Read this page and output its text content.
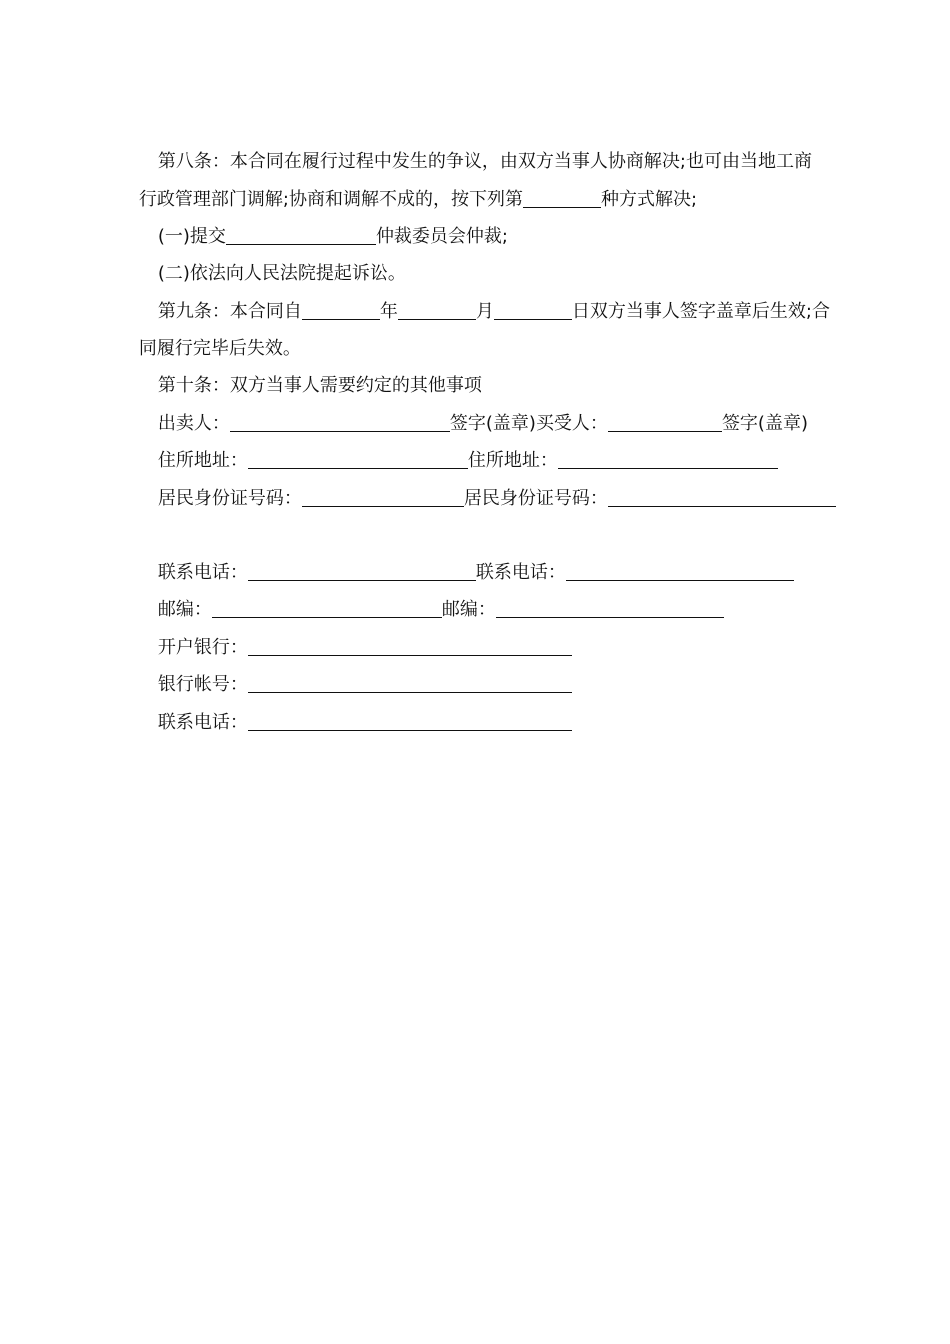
第八条：本合同在履行过程中发生的争议，由双方当事人协商解决;也可由当地工商

行政管理部门调解;协商和调解不成的，按下列第	种方式解决;

(一)提交	仲裁委员会仲裁;

(二)依法向人民法院提起诉讼。

第九条：本合同自	年	月	日双方当事人签字盖章后生效;合

同履行完毕后失效。

第十条：双方当事人需要约定的其他事项

出卖人：	签字(盖章)买受人：	签字(盖章)

住所地址：	住所地址：

居民身份证号码：	居民身份证号码：

联系电话：	联系电话：

邮编：	邮编：

开户银行：

银行帐号：

联系电话：
